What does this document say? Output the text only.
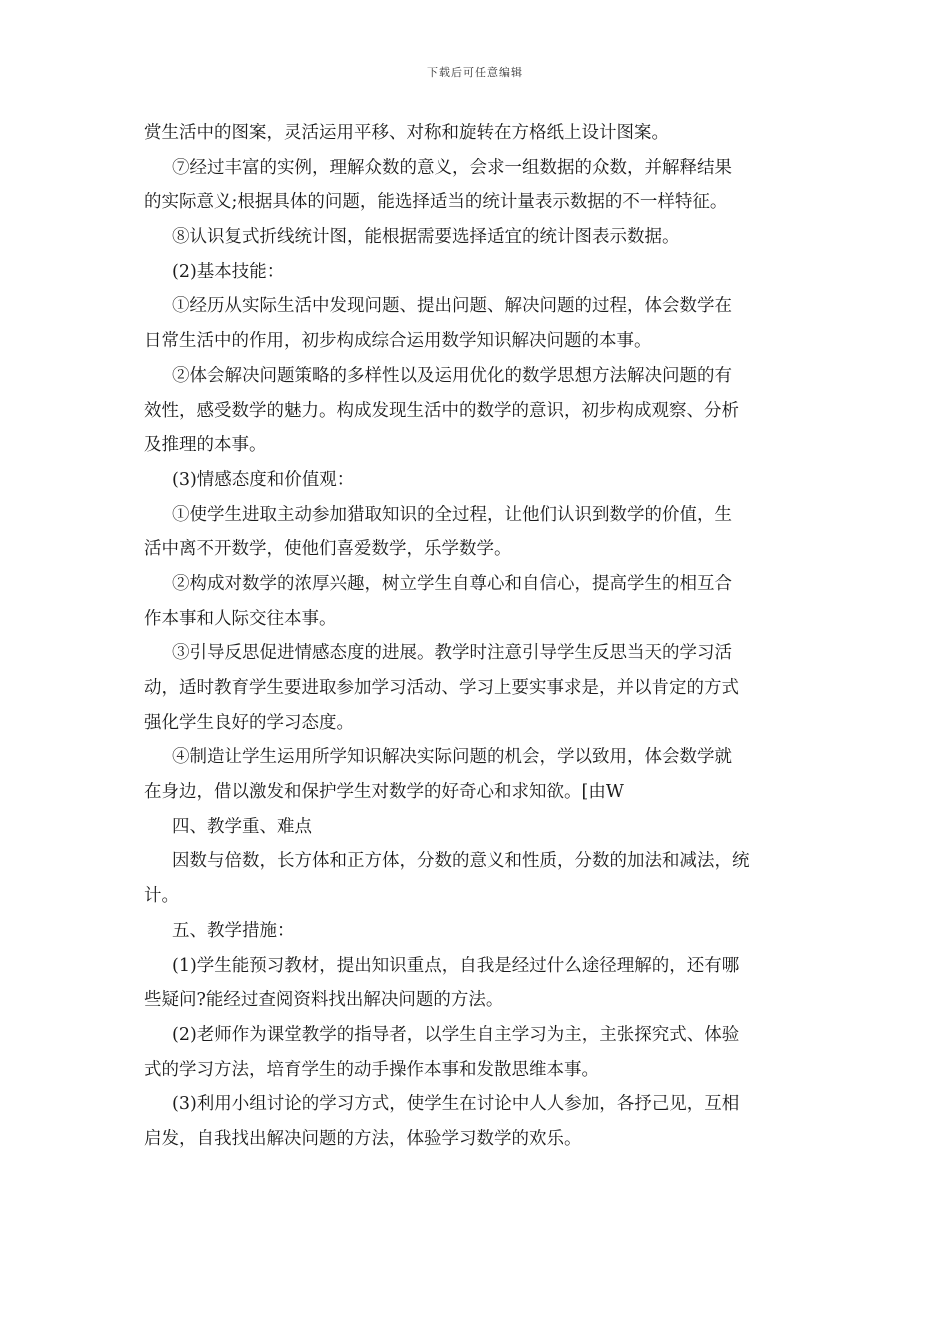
下载后可任意编辑
赏生活中的图案，灵活运用平移、对称和旋转在方格纸上设计图案。
⑦经过丰富的实例，理解众数的意义，会求一组数据的众数，并解释结果
的实际意义;根据具体的问题，能选择适当的统计量表示数据的不一样特征。
⑧认识复式折线统计图，能根据需要选择适宜的统计图表示数据。
(2)基本技能：
①经历从实际生活中发现问题、提出问题、解决问题的过程，体会数学在
日常生活中的作用，初步构成综合运用数学知识解决问题的本事。
②体会解决问题策略的多样性以及运用优化的数学思想方法解决问题的有
效性，感受数学的魅力。构成发现生活中的数学的意识，初步构成观察、分析
及推理的本事。
(3)情感态度和价值观：
①使学生进取主动参加猎取知识的全过程，让他们认识到数学的价值，生
活中离不开数学，使他们喜爱数学，乐学数学。
②构成对数学的浓厚兴趣，树立学生自尊心和自信心，提高学生的相互合
作本事和人际交往本事。
③引导反思促进情感态度的进展。教学时注意引导学生反思当天的学习活
动，适时教育学生要进取参加学习活动、学习上要实事求是，并以肯定的方式
强化学生良好的学习态度。
④制造让学生运用所学知识解决实际问题的机会，学以致用，体会数学就
在身边，借以激发和保护学生对数学的好奇心和求知欲。[由W
四、教学重、难点
因数与倍数，长方体和正方体，分数的意义和性质，分数的加法和减法，统
计。
五、教学措施：
(1)学生能预习教材，提出知识重点，自我是经过什么途径理解的，还有哪
些疑问?能经过查阅资料找出解决问题的方法。
(2)老师作为课堂教学的指导者，以学生自主学习为主，主张探究式、体验
式的学习方法，培育学生的动手操作本事和发散思维本事。
(3)利用小组讨论的学习方式，使学生在讨论中人人参加，各抒己见，互相
启发，自我找出解决问题的方法，体验学习数学的欢乐。
